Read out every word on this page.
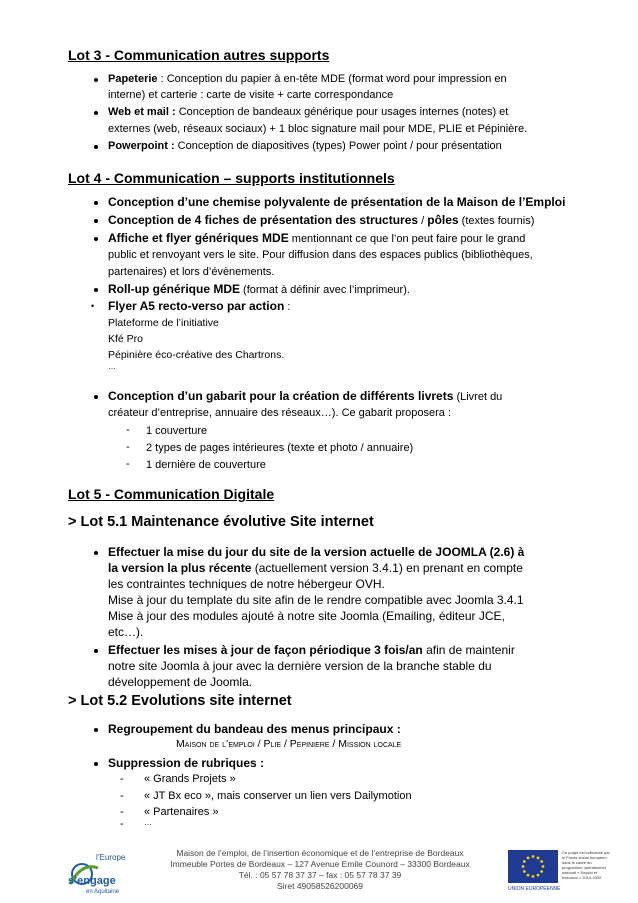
Lot 3 - Communication autres supports
Papeterie : Conception du papier à en-tête MDE (format word pour impression en
interne) et carterie : carte de visite + carte correspondance
Web et mail : Conception de bandeaux générique pour usages internes (notes) et
externes (web, réseaux sociaux) + 1 bloc signature mail pour MDE, PLIE et Pépinière.
Powerpoint : Conception de diapositives (types) Power point / pour présentation
Lot 4 - Communication – supports institutionnels
Conception d’une chemise polyvalente de présentation de la Maison de l’Emploi
Conception de 4 fiches de présentation des structures / pôles (textes fournis)
Affiche et flyer génériques MDE mentionnant ce que l’on peut faire pour le grand
public et renvoyant vers le site. Pour diffusion dans des espaces publics (bibliothèques,
partenaires) et lors d’évènements.
Roll-up générique MDE (format à définir avec l’imprimeur).
• Flyer A5 recto-verso par action :
Plateforme de l’initiative
Kfé Pro
Pépinière éco-créative des Chartrons.
…
Conception d’un gabarit pour la création de différents livrets (Livret du
créateur d’entreprise, annuaire des réseaux…). Ce gabarit proposera :
- 1 couverture
- 2 types de pages intérieures (texte et photo / annuaire)
- 1 dernière de couverture
Lot 5 - Communication Digitale
> Lot 5.1 Maintenance évolutive Site internet
Effectuer la mise du jour du site de la version actuelle de JOOMLA (2.6) à
la version la plus récente (actuellement version 3.4.1) en prenant en compte
les contraintes techniques de notre hébergeur OVH.
Mise à jour du template du site afin de le rendre compatible avec Joomla 3.4.1
Mise à jour des modules ajouté à notre site Joomla (Emailing, éditeur JCE,
etc…).
Effectuer les mises à jour de façon périodique 3 fois/an afin de maintenir
notre site Joomla à jour avec la dernière version de la branche stable du
développement de Joomla.
> Lot 5.2 Evolutions site internet
Regroupement du bandeau des menus principaux :
Maison de l’emploi / Plie / Pepiniere / Mission locale
Suppression de rubriques :
- « Grands Projets »
- « JT Bx eco », mais conserver un lien vers Dailymotion
- « Partenaires »
-	…
l’Europe
s’engage
en Aquitaine
Maison de l’emploi, de l’insertion économique et de l’entreprise de Bordeaux
Immeuble Portes de Bordeaux – 127 Avenue Emile Counord – 33300 Bordeaux
Tél. : 05 57 78 37 37 – fax : 05 57 78 37 39
Siret 49058526200069	UNION EUROPÉENNE
Ce projet est cofinancé par
le Fonds social européen
dans le cadre du
programme opérationnel
national « Emploi et
Inclusion » 2014-2020
